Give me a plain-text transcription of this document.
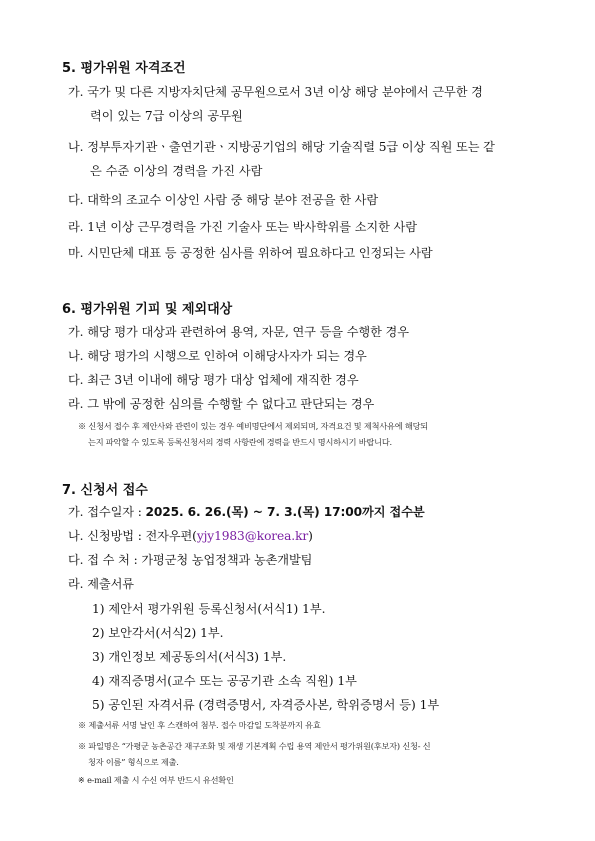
5. 평가위원 자격조건
가. 국가 및 다른 지방자치단체 공무원으로서 3년 이상 해당 분야에서 근무한 경
력이 있는 7급 이상의 공무원
나. 정부투자기관ㆍ출연기관ㆍ지방공기업의 해당 기술직렬 5급 이상 직원 또는 같
은 수준 이상의 경력을 가진 사람
다. 대학의 조교수 이상인 사람 중 해당 분야 전공을 한 사람
라. 1년 이상 근무경력을 가진 기술사 또는 박사학위를 소지한 사람
마. 시민단체 대표 등 공정한 심사를 위하여 필요하다고 인정되는 사람
6. 평가위원 기피 및 제외대상
가. 해당 평가 대상과 관련하여 용역, 자문, 연구 등을 수행한 경우
나. 해당 평가의 시행으로 인하여 이해당사자가 되는 경우
다. 최근 3년 이내에 해당 평가 대상 업체에 재직한 경우
라. 그 밖에 공정한 심의를 수행할 수 없다고 판단되는 경우
※ 신청서 접수 후 제안사와 관련이 있는 경우 예비명단에서 제외되며, 자격요건 및 제척사유에 해당되
는지 파악할 수 있도록 등록신청서의 경력 사항란에 경력을 반드시 명시하시기 바랍니다.
7. 신청서 접수
가. 접수일자 : 2025. 6. 26.(목) ~ 7. 3.(목) 17:00까지 접수분
나. 신청방법 : 전자우편(yjy1983@korea.kr)
다. 접 수 처 : 가평군청 농업정책과 농촌개발팀
라. 제출서류
1) 제안서 평가위원 등록신청서(서식1) 1부.
2) 보안각서(서식2) 1부.
3) 개인정보 제공동의서(서식3) 1부.
4) 재직증명서(교수 또는 공공기관 소속 직원) 1부
5) 공인된 자격서류 (경력증명서, 자격증사본, 학위증명서 등) 1부
※ 제출서류 서명 날인 후 스캔하여 첨부. 접수 마감일 도착분까지 유효
※ 파일명은 “가평군 농촌공간 재구조화 및 재생 기본계획 수립 용역 제안서 평가위원(후보자) 신청- 신
청자 이름” 형식으로 제출.
※ e-mail 제출 시 수신 여부 반드시 유선확인
